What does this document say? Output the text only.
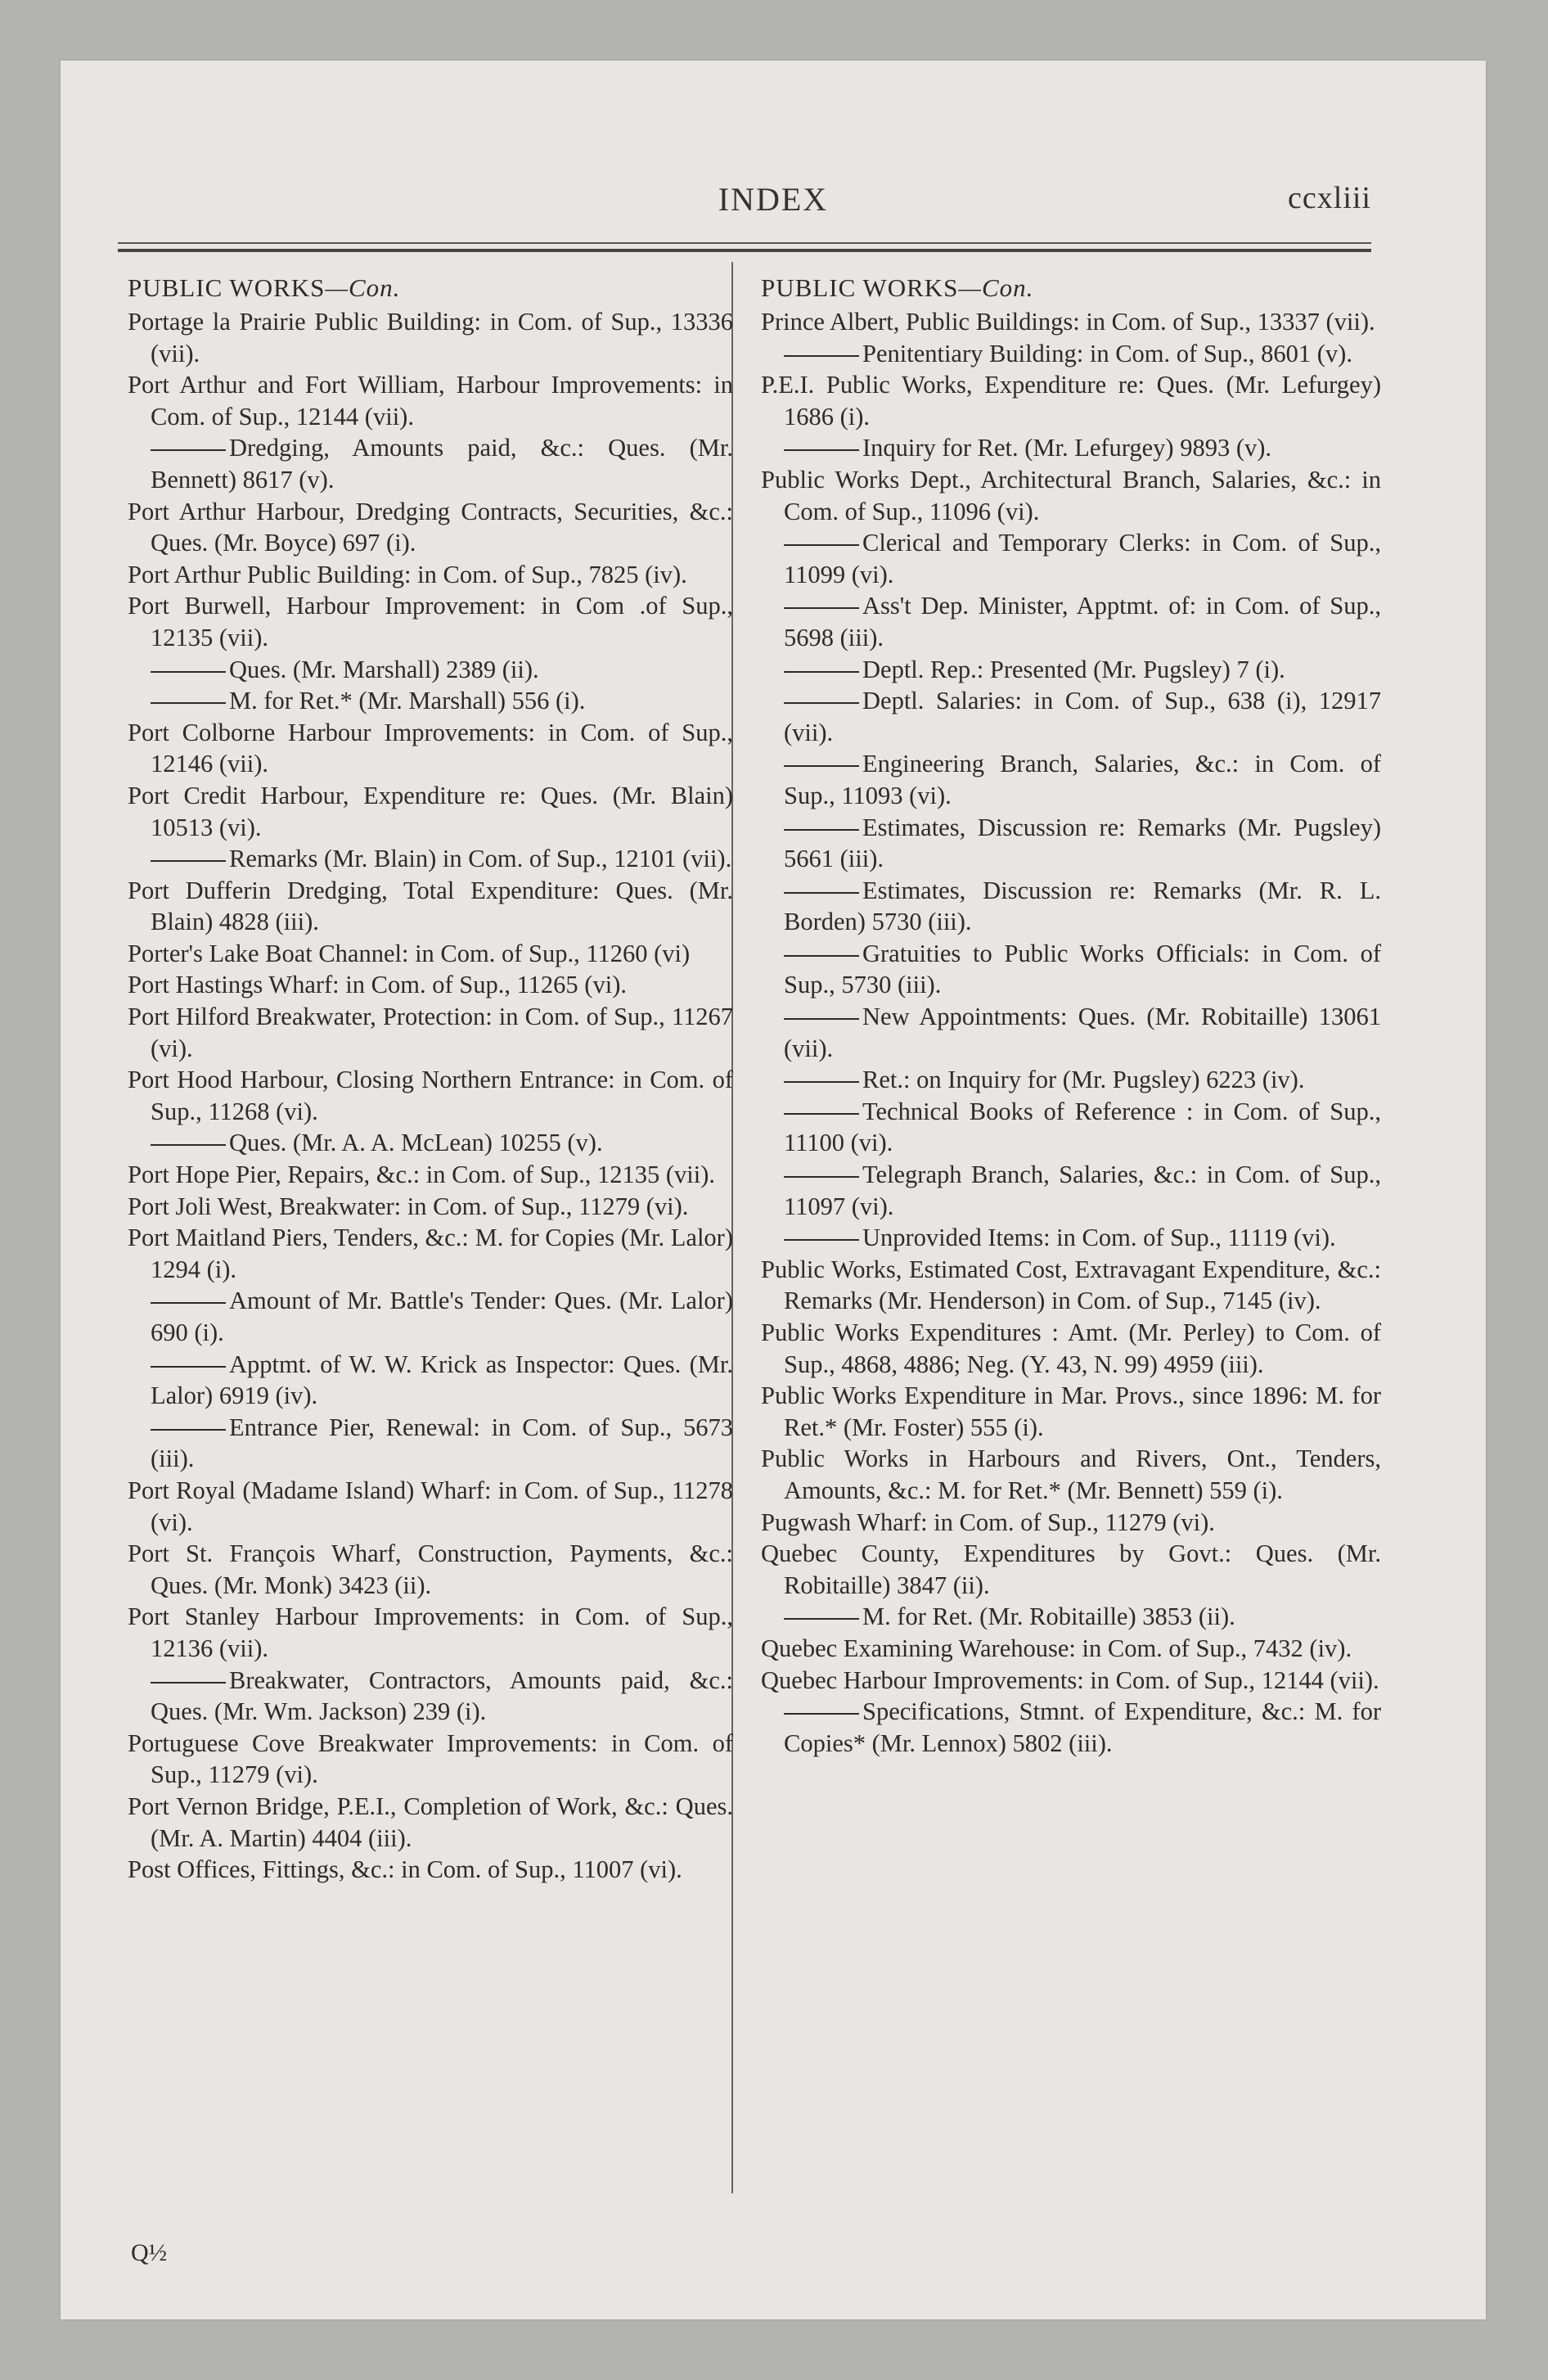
INDEX	ccxliii
PUBLIC WORKS—Con.
Portage la Prairie Public Building: in Com. of Sup., 13336 (vii).
Port Arthur and Fort William, Harbour Improvements: in Com. of Sup., 12144 (vii).
Dredging, Amounts paid, &c.: Ques. (Mr. Bennett) 8617 (v).
Port Arthur Harbour, Dredging Contracts, Securities, &c.: Ques. (Mr. Boyce) 697 (i).
Port Arthur Public Building: in Com. of Sup., 7825 (iv).
Port Burwell, Harbour Improvement: in Com .of Sup., 12135 (vii).
Ques. (Mr. Marshall) 2389 (ii).
M. for Ret.* (Mr. Marshall) 556 (i).
Port Colborne Harbour Improvements: in Com. of Sup., 12146 (vii).
Port Credit Harbour, Expenditure re: Ques. (Mr. Blain) 10513 (vi).
Remarks (Mr. Blain) in Com. of Sup., 12101 (vii).
Port Dufferin Dredging, Total Expenditure: Ques. (Mr. Blain) 4828 (iii).
Porter's Lake Boat Channel: in Com. of Sup., 11260 (vi)
Port Hastings Wharf: in Com. of Sup., 11265 (vi).
Port Hilford Breakwater, Protection: in Com. of Sup., 11267 (vi).
Port Hood Harbour, Closing Northern Entrance: in Com. of Sup., 11268 (vi).
Ques. (Mr. A. A. McLean) 10255 (v).
Port Hope Pier, Repairs, &c.: in Com. of Sup., 12135 (vii).
Port Joli West, Breakwater: in Com. of Sup., 11279 (vi).
Port Maitland Piers, Tenders, &c.: M. for Copies (Mr. Lalor) 1294 (i).
Amount of Mr. Battle's Tender: Ques. (Mr. Lalor) 690 (i).
Apptmt. of W. W. Krick as Inspector: Ques. (Mr. Lalor) 6919 (iv).
Entrance Pier, Renewal: in Com. of Sup., 5673 (iii).
Port Royal (Madame Island) Wharf: in Com. of Sup., 11278 (vi).
Port St. François Wharf, Construction, Payments, &c.: Ques. (Mr. Monk) 3423 (ii).
Port Stanley Harbour Improvements: in Com. of Sup., 12136 (vii).
Breakwater, Contractors, Amounts paid, &c.: Ques. (Mr. Wm. Jackson) 239 (i).
Portuguese Cove Breakwater Improvements: in Com. of Sup., 11279 (vi).
Port Vernon Bridge, P.E.I., Completion of Work, &c.: Ques. (Mr. A. Martin) 4404 (iii).
Post Offices, Fittings, &c.: in Com. of Sup., 11007 (vi).
PUBLIC WORKS—Con.
Prince Albert, Public Buildings: in Com. of Sup., 13337 (vii).
Penitentiary Building: in Com. of Sup., 8601 (v).
P.E.I. Public Works, Expenditure re: Ques. (Mr. Lefurgey) 1686 (i).
Inquiry for Ret. (Mr. Lefurgey) 9893 (v).
Public Works Dept., Architectural Branch, Salaries, &c.: in Com. of Sup., 11096 (vi).
Clerical and Temporary Clerks: in Com. of Sup., 11099 (vi).
Ass't Dep. Minister, Apptmt. of: in Com. of Sup., 5698 (iii).
Deptl. Rep.: Presented (Mr. Pugsley) 7 (i).
Deptl. Salaries: in Com. of Sup., 638 (i), 12917 (vii).
Engineering Branch, Salaries, &c.: in Com. of Sup., 11093 (vi).
Estimates, Discussion re: Remarks (Mr. Pugsley) 5661 (iii).
Estimates, Discussion re: Remarks (Mr. R. L. Borden) 5730 (iii).
Gratuities to Public Works Officials: in Com. of Sup., 5730 (iii).
New Appointments: Ques. (Mr. Robitaille) 13061 (vii).
Ret.: on Inquiry for (Mr. Pugsley) 6223 (iv).
Technical Books of Reference : in Com. of Sup., 11100 (vi).
Telegraph Branch, Salaries, &c.: in Com. of Sup., 11097 (vi).
Unprovided Items: in Com. of Sup., 11119 (vi).
Public Works, Estimated Cost, Extravagant Expenditure, &c.: Remarks (Mr. Henderson) in Com. of Sup., 7145 (iv).
Public Works Expenditures : Amt. (Mr. Perley) to Com. of Sup., 4868, 4886; Neg. (Y. 43, N. 99) 4959 (iii).
Public Works Expenditure in Mar. Provs., since 1896: M. for Ret.* (Mr. Foster) 555 (i).
Public Works in Harbours and Rivers, Ont., Tenders, Amounts, &c.: M. for Ret.* (Mr. Bennett) 559 (i).
Pugwash Wharf: in Com. of Sup., 11279 (vi).
Quebec County, Expenditures by Govt.: Ques. (Mr. Robitaille) 3847 (ii).
M. for Ret. (Mr. Robitaille) 3853 (ii).
Quebec Examining Warehouse: in Com. of Sup., 7432 (iv).
Quebec Harbour Improvements: in Com. of Sup., 12144 (vii).
Specifications, Stmnt. of Expenditure, &c.: M. for Copies* (Mr. Lennox) 5802 (iii).
Q½
